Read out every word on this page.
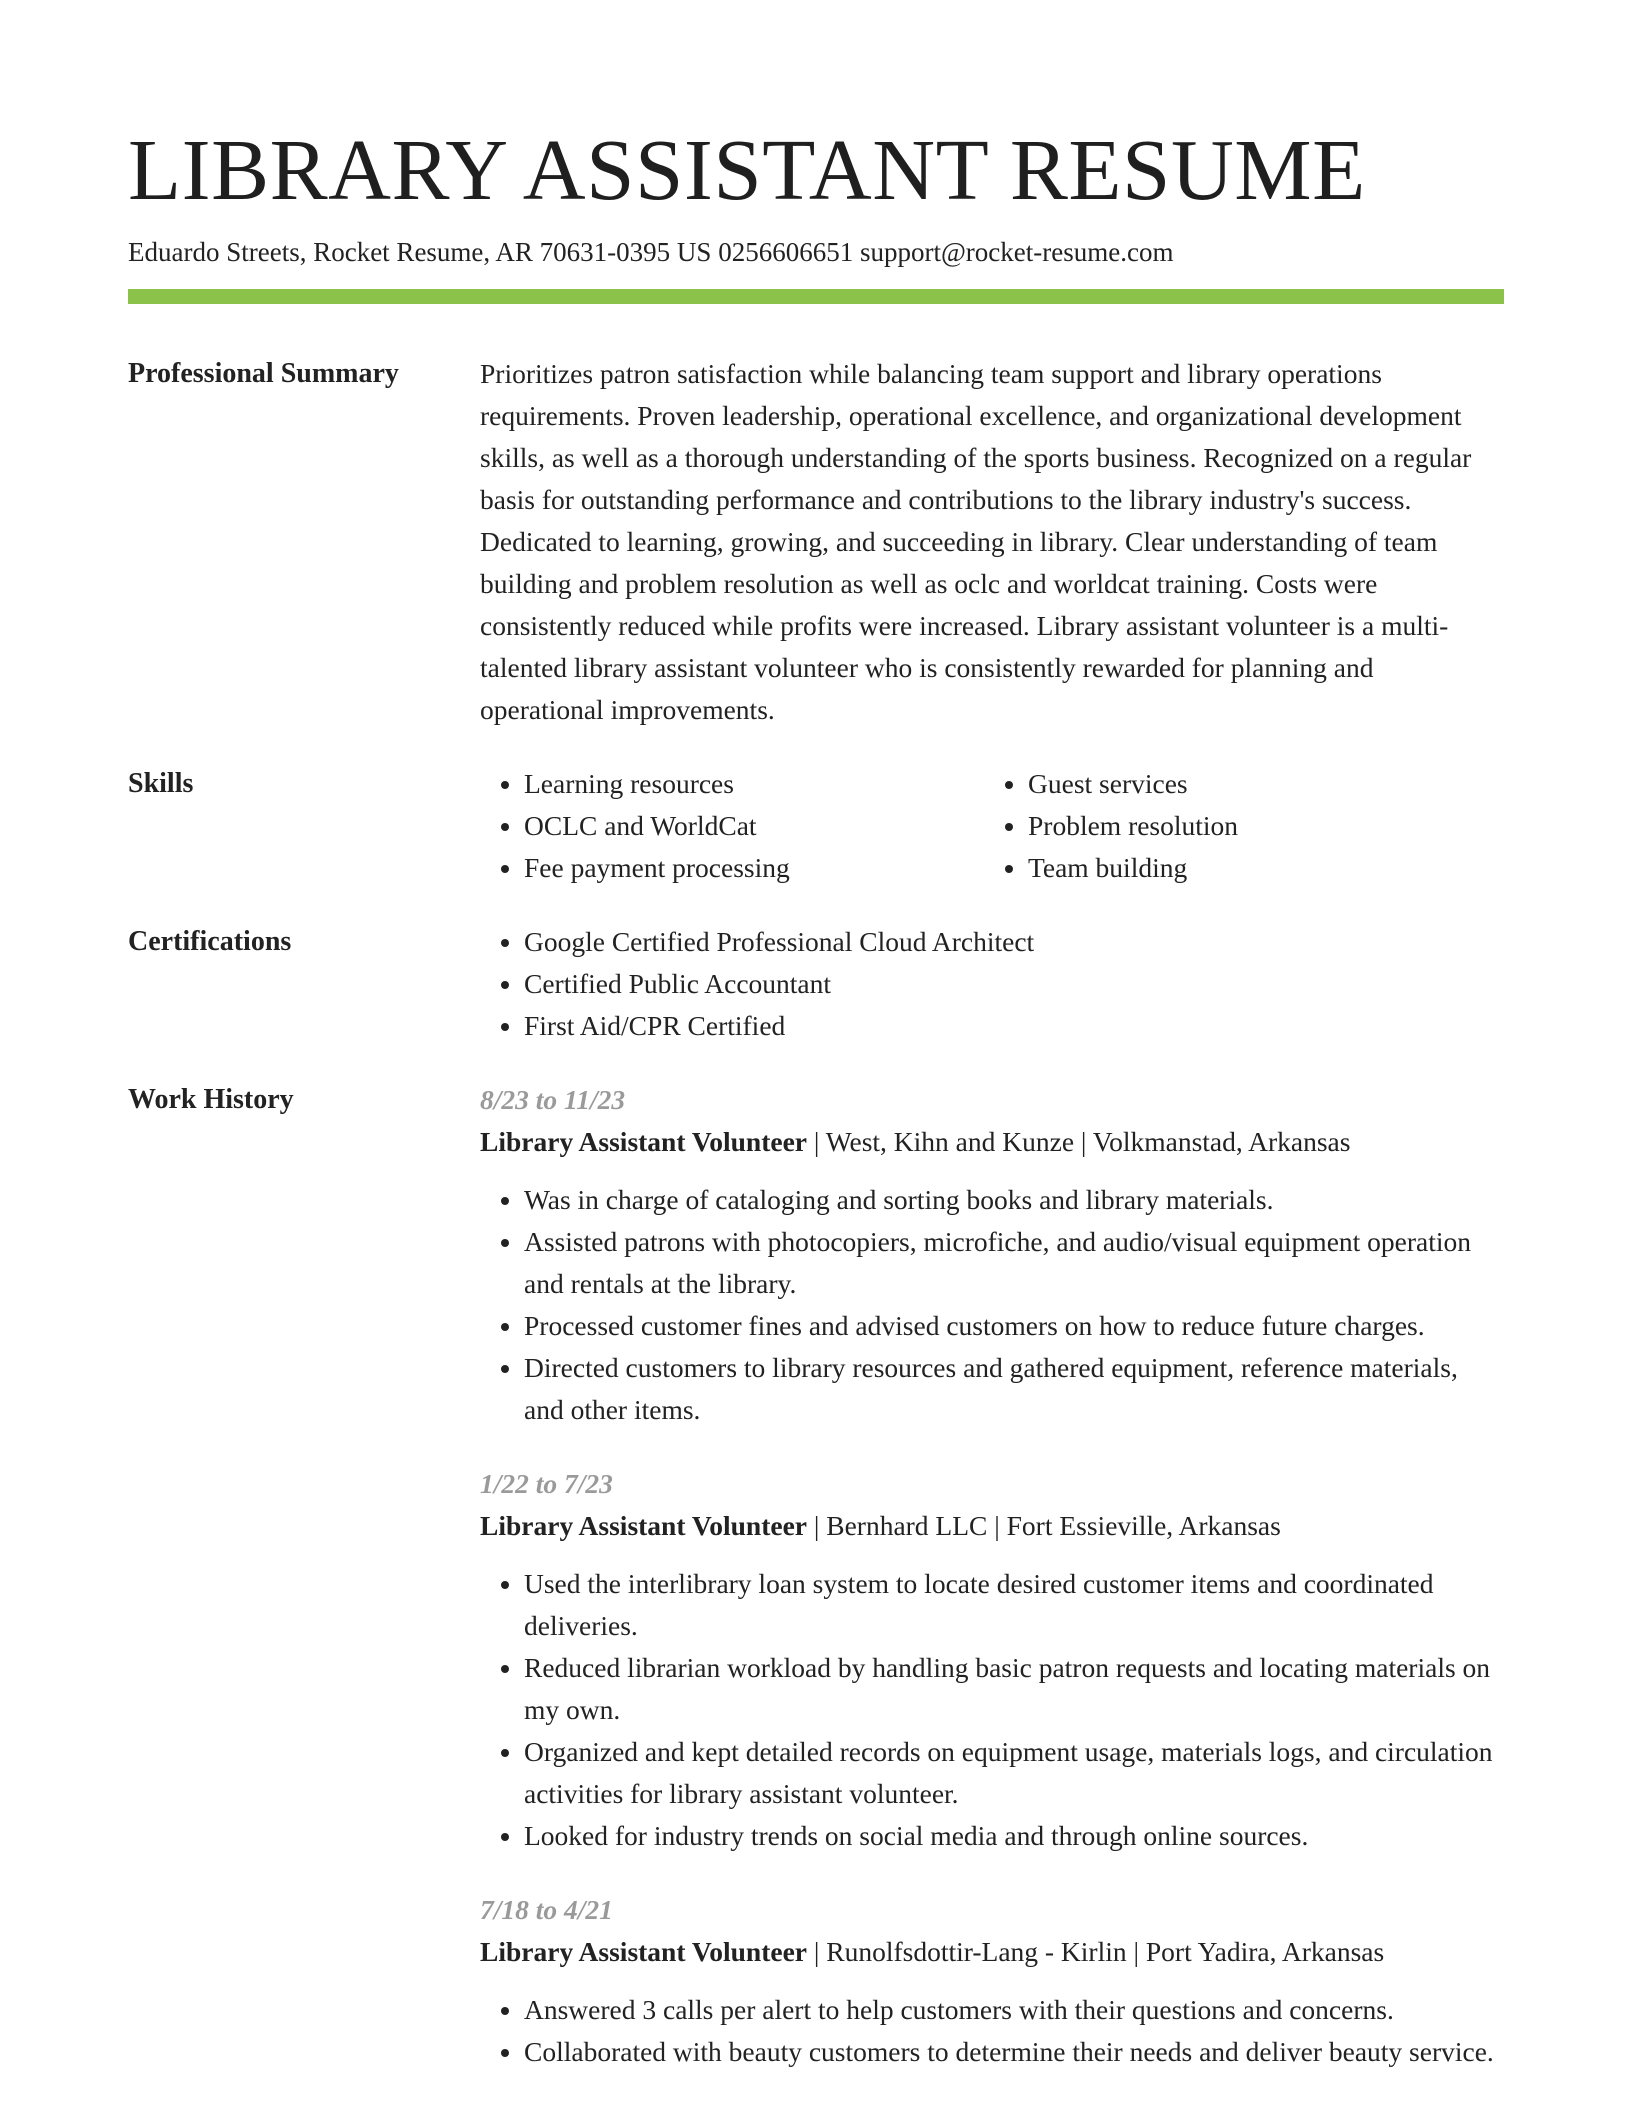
LIBRARY ASSISTANT RESUME
Eduardo Streets, Rocket Resume, AR 70631-0395 US 0256606651 support@rocket-resume.com
Professional Summary	Prioritizes patron satisfaction while balancing team support and library operations requirements. Proven leadership, operational excellence, and organizational development skills, as well as a thorough understanding of the sports business. Recognized on a regular basis for outstanding performance and contributions to the library industry's success. Dedicated to learning, growing, and succeeding in library. Clear understanding of team building and problem resolution as well as oclc and worldcat training. Costs were consistently reduced while profits were increased. Library assistant volunteer is a multi-talented library assistant volunteer who is consistently rewarded for planning and operational improvements.

Skills	• Learning resources
• OCLC and WorldCat
• Fee payment processing
• Guest services
• Problem resolution
• Team building
Certifications	• Google Certified Professional Cloud Architect
• Certified Public Accountant
• First Aid/CPR Certified
Work History	8/23 to 11/23
Library Assistant Volunteer | West, Kihn and Kunze | Volkmanstad, Arkansas
• Was in charge of cataloging and sorting books and library materials.
• Assisted patrons with photocopiers, microfiche, and audio/visual equipment operation and rentals at the library.
• Processed customer fines and advised customers on how to reduce future charges.
• Directed customers to library resources and gathered equipment, reference materials, and other items.
1/22 to 7/23
Library Assistant Volunteer | Bernhard LLC | Fort Essieville, Arkansas
• Used the interlibrary loan system to locate desired customer items and coordinated deliveries.
• Reduced librarian workload by handling basic patron requests and locating materials on my own.
• Organized and kept detailed records on equipment usage, materials logs, and circulation activities for library assistant volunteer.
• Looked for industry trends on social media and through online sources.
7/18 to 4/21
Library Assistant Volunteer | Runolfsdottir-Lang - Kirlin | Port Yadira, Arkansas
• Answered 3 calls per alert to help customers with their questions and concerns.
• Collaborated with beauty customers to determine their needs and deliver beauty service.
